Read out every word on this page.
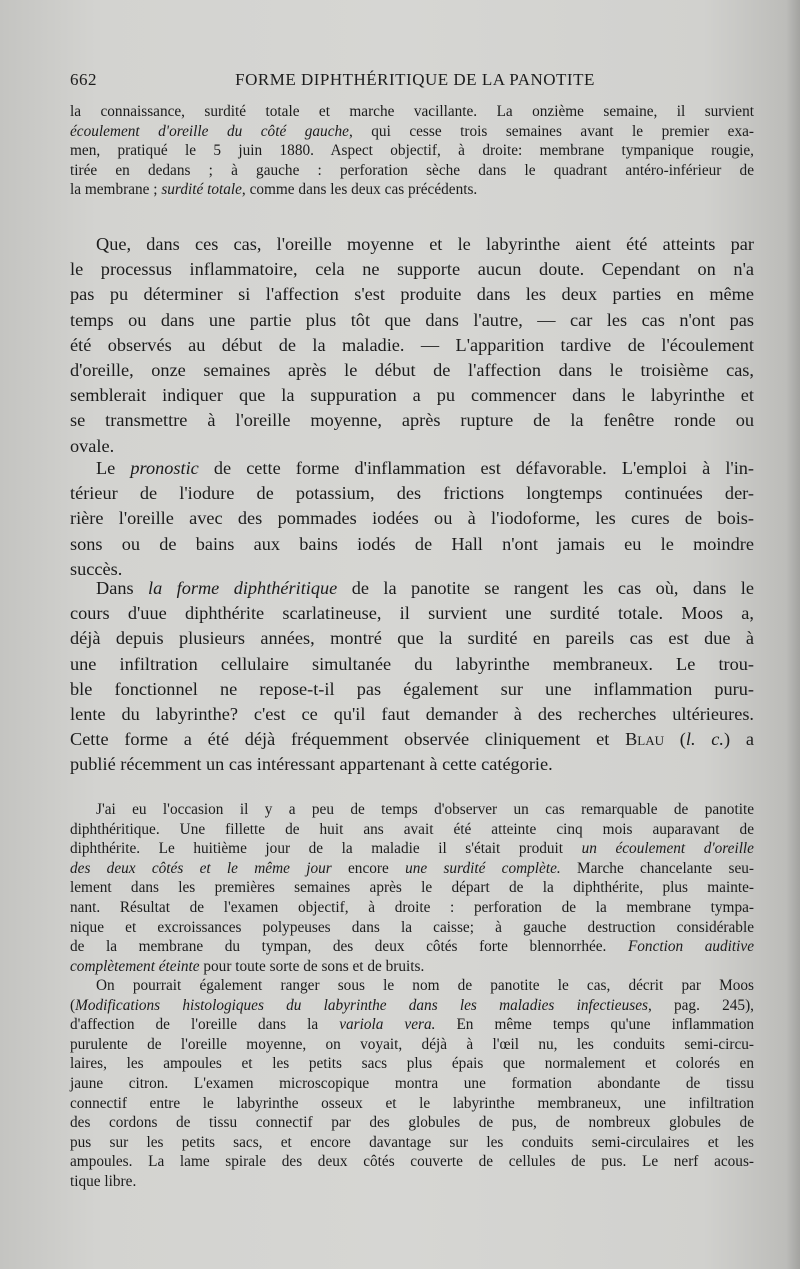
662	FORME DIPHTHÉRITIQUE DE LA PANOTITE
la connaissance, surdité totale et marche vacillante. La onzième semaine, il survient
écoulement d'oreille du côté gauche, qui cesse trois semaines avant le premier exa-
men, pratiqué le 5 juin 1880. Aspect objectif, à droite: membrane tympanique rougie,
tirée en dedans ; à gauche : perforation sèche dans le quadrant antéro-inférieur de
la membrane ; surdité totale, comme dans les deux cas précédents.
Que, dans ces cas, l'oreille moyenne et le labyrinthe aient été atteints par
le processus inflammatoire, cela ne supporte aucun doute. Cependant on n'a
pas pu déterminer si l'affection s'est produite dans les deux parties en même
temps ou dans une partie plus tôt que dans l'autre, — car les cas n'ont pas
été observés au début de la maladie. — L'apparition tardive de l'écoulement
d'oreille, onze semaines après le début de l'affection dans le troisième cas,
semblerait indiquer que la suppuration a pu commencer dans le labyrinthe et
se transmettre à l'oreille moyenne, après rupture de la fenêtre ronde ou
ovale.
Le pronostic de cette forme d'inflammation est défavorable. L'emploi à l'in-
térieur de l'iodure de potassium, des frictions longtemps continuées der-
rière l'oreille avec des pommades iodées ou à l'iodoforme, les cures de bois-
sons ou de bains aux bains iodés de Hall n'ont jamais eu le moindre
succès.
Dans la forme diphthéritique de la panotite se rangent les cas où, dans le
cours d'uue diphthérite scarlatineuse, il survient une surdité totale. Moos a,
déjà depuis plusieurs années, montré que la surdité en pareils cas est due à
une infiltration cellulaire simultanée du labyrinthe membraneux. Le trou-
ble fonctionnel ne repose-t-il pas également sur une inflammation puru-
lente du labyrinthe? c'est ce qu'il faut demander à des recherches ultérieures.
Cette forme a été déjà fréquemment observée cliniquement et Blau (l. c.) a
publié récemment un cas intéressant appartenant à cette catégorie.
J'ai eu l'occasion il y a peu de temps d'observer un cas remarquable de panotite
diphthéritique. Une fillette de huit ans avait été atteinte cinq mois auparavant de
diphthérite. Le huitième jour de la maladie il s'était produit un écoulement d'oreille
des deux côtés et le même jour encore une surdité complète. Marche chancelante seu-
lement dans les premières semaines après le départ de la diphthérite, plus mainte-
nant. Résultat de l'examen objectif, à droite : perforation de la membrane tympa-
nique et excroissances polypeuses dans la caisse; à gauche destruction considérable
de la membrane du tympan, des deux côtés forte blennorrhée. Fonction auditive
complètement éteinte pour toute sorte de sons et de bruits.
On pourrait également ranger sous le nom de panotite le cas, décrit par Moos
(Modifications histologiques du labyrinthe dans les maladies infectieuses, pag. 245),
d'affection de l'oreille dans la variola vera. En même temps qu'une inflammation
purulente de l'oreille moyenne, on voyait, déjà à l'œil nu, les conduits semi-circu-
laires, les ampoules et les petits sacs plus épais que normalement et colorés en
jaune citron. L'examen microscopique montra une formation abondante de tissu
connectif entre le labyrinthe osseux et le labyrinthe membraneux, une infiltration
des cordons de tissu connectif par des globules de pus, de nombreux globules de
pus sur les petits sacs, et encore davantage sur les conduits semi-circulaires et les
ampoules. La lame spirale des deux côtés couverte de cellules de pus. Le nerf acous-
tique libre.
